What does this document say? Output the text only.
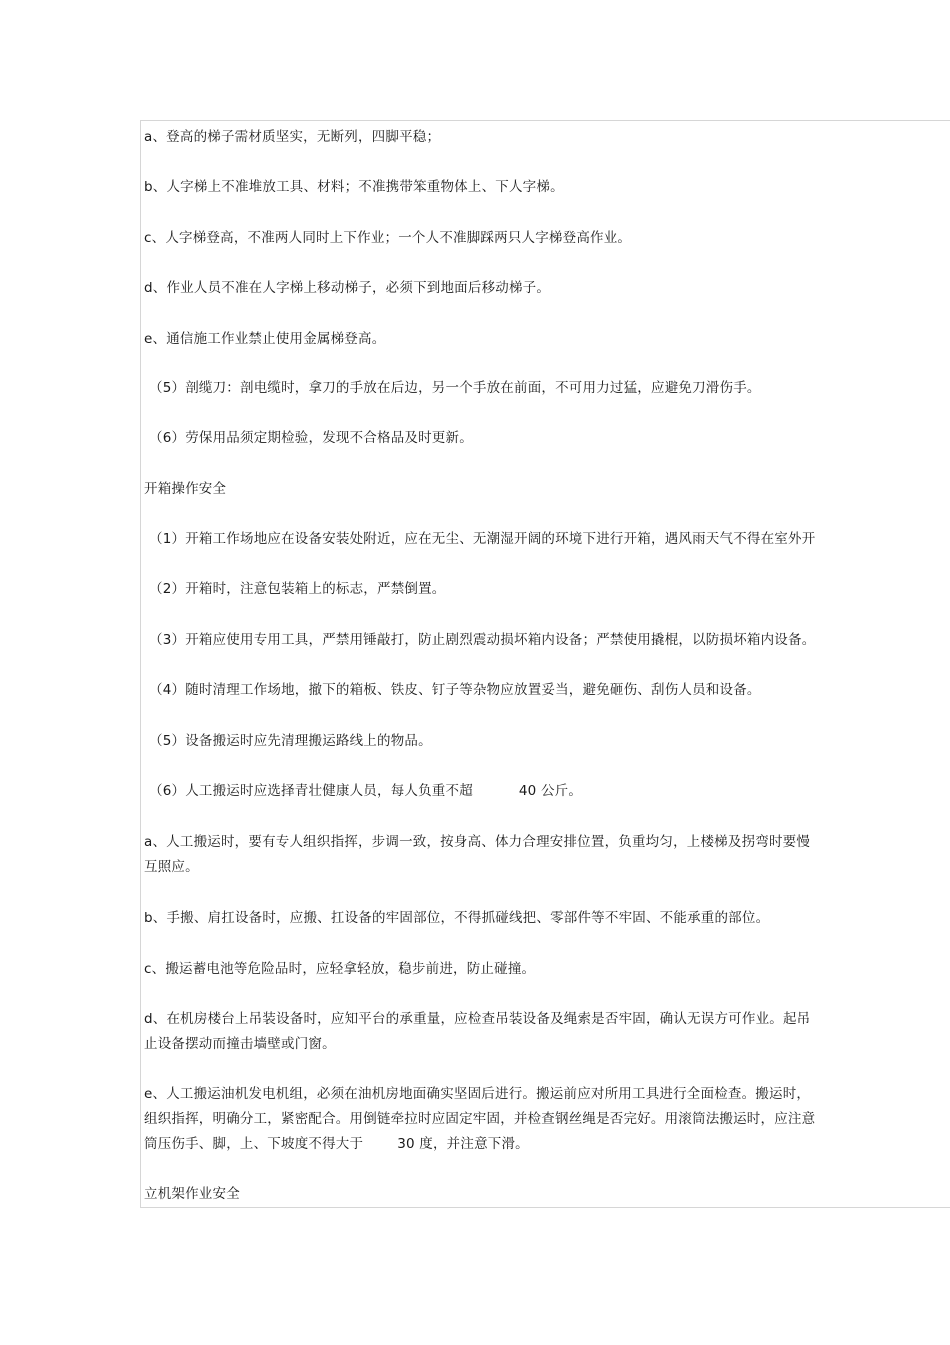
a、登高的梯子需材质坚实，无断列，四脚平稳；
b、人字梯上不准堆放工具、材料；不准携带笨重物体上、下人字梯。
c、人字梯登高，不准两人同时上下作业；一个人不准脚踩两只人字梯登高作业。
d、作业人员不准在人字梯上移动梯子，必须下到地面后移动梯子。
e、通信施工作业禁止使用金属梯登高。
（5）剖缆刀：剖电缆时，拿刀的手放在后边，另一个手放在前面，不可用力过猛，应避免刀滑伤手。
（6）劳保用品须定期检验，发现不合格品及时更新。
开箱操作安全
（1）开箱工作场地应在设备安装处附近，应在无尘、无潮湿开阔的环境下进行开箱，遇风雨天气不得在室外开
（2）开箱时，注意包装箱上的标志，严禁倒置。
（3）开箱应使用专用工具，严禁用锤敲打，防止剧烈震动损坏箱内设备；严禁使用撬棍，以防损坏箱内设备。
（4）随时清理工作场地，撤下的箱板、铁皮、钉子等杂物应放置妥当，避免砸伤、刮伤人员和设备。
（5）设备搬运时应先清理搬运路线上的物品。
（6）人工搬运时应选择青壮健康人员，每人负重不超	40 公斤。
a、人工搬运时，要有专人组织指挥，步调一致，按身高、体力合理安排位置，负重均匀，上楼梯及拐弯时要慢
互照应。
b、手搬、肩扛设备时，应搬、扛设备的牢固部位，不得抓碰线把、零部件等不牢固、不能承重的部位。
c、搬运蓄电池等危险品时，应轻拿轻放，稳步前进，防止碰撞。
d、在机房楼台上吊装设备时，应知平台的承重量，应检查吊装设备及绳索是否牢固，确认无误方可作业。起吊
止设备摆动而撞击墙壁或门窗。
e、人工搬运油机发电机组，必须在油机房地面确实坚固后进行。搬运前应对所用工具进行全面检查。搬运时，
组织指挥，明确分工，紧密配合。用倒链牵拉时应固定牢固，并检查钢丝绳是否完好。用滚筒法搬运时，应注意
筒压伤手、脚，上、下坡度不得大于	30 度，并注意下滑。
立机架作业安全
